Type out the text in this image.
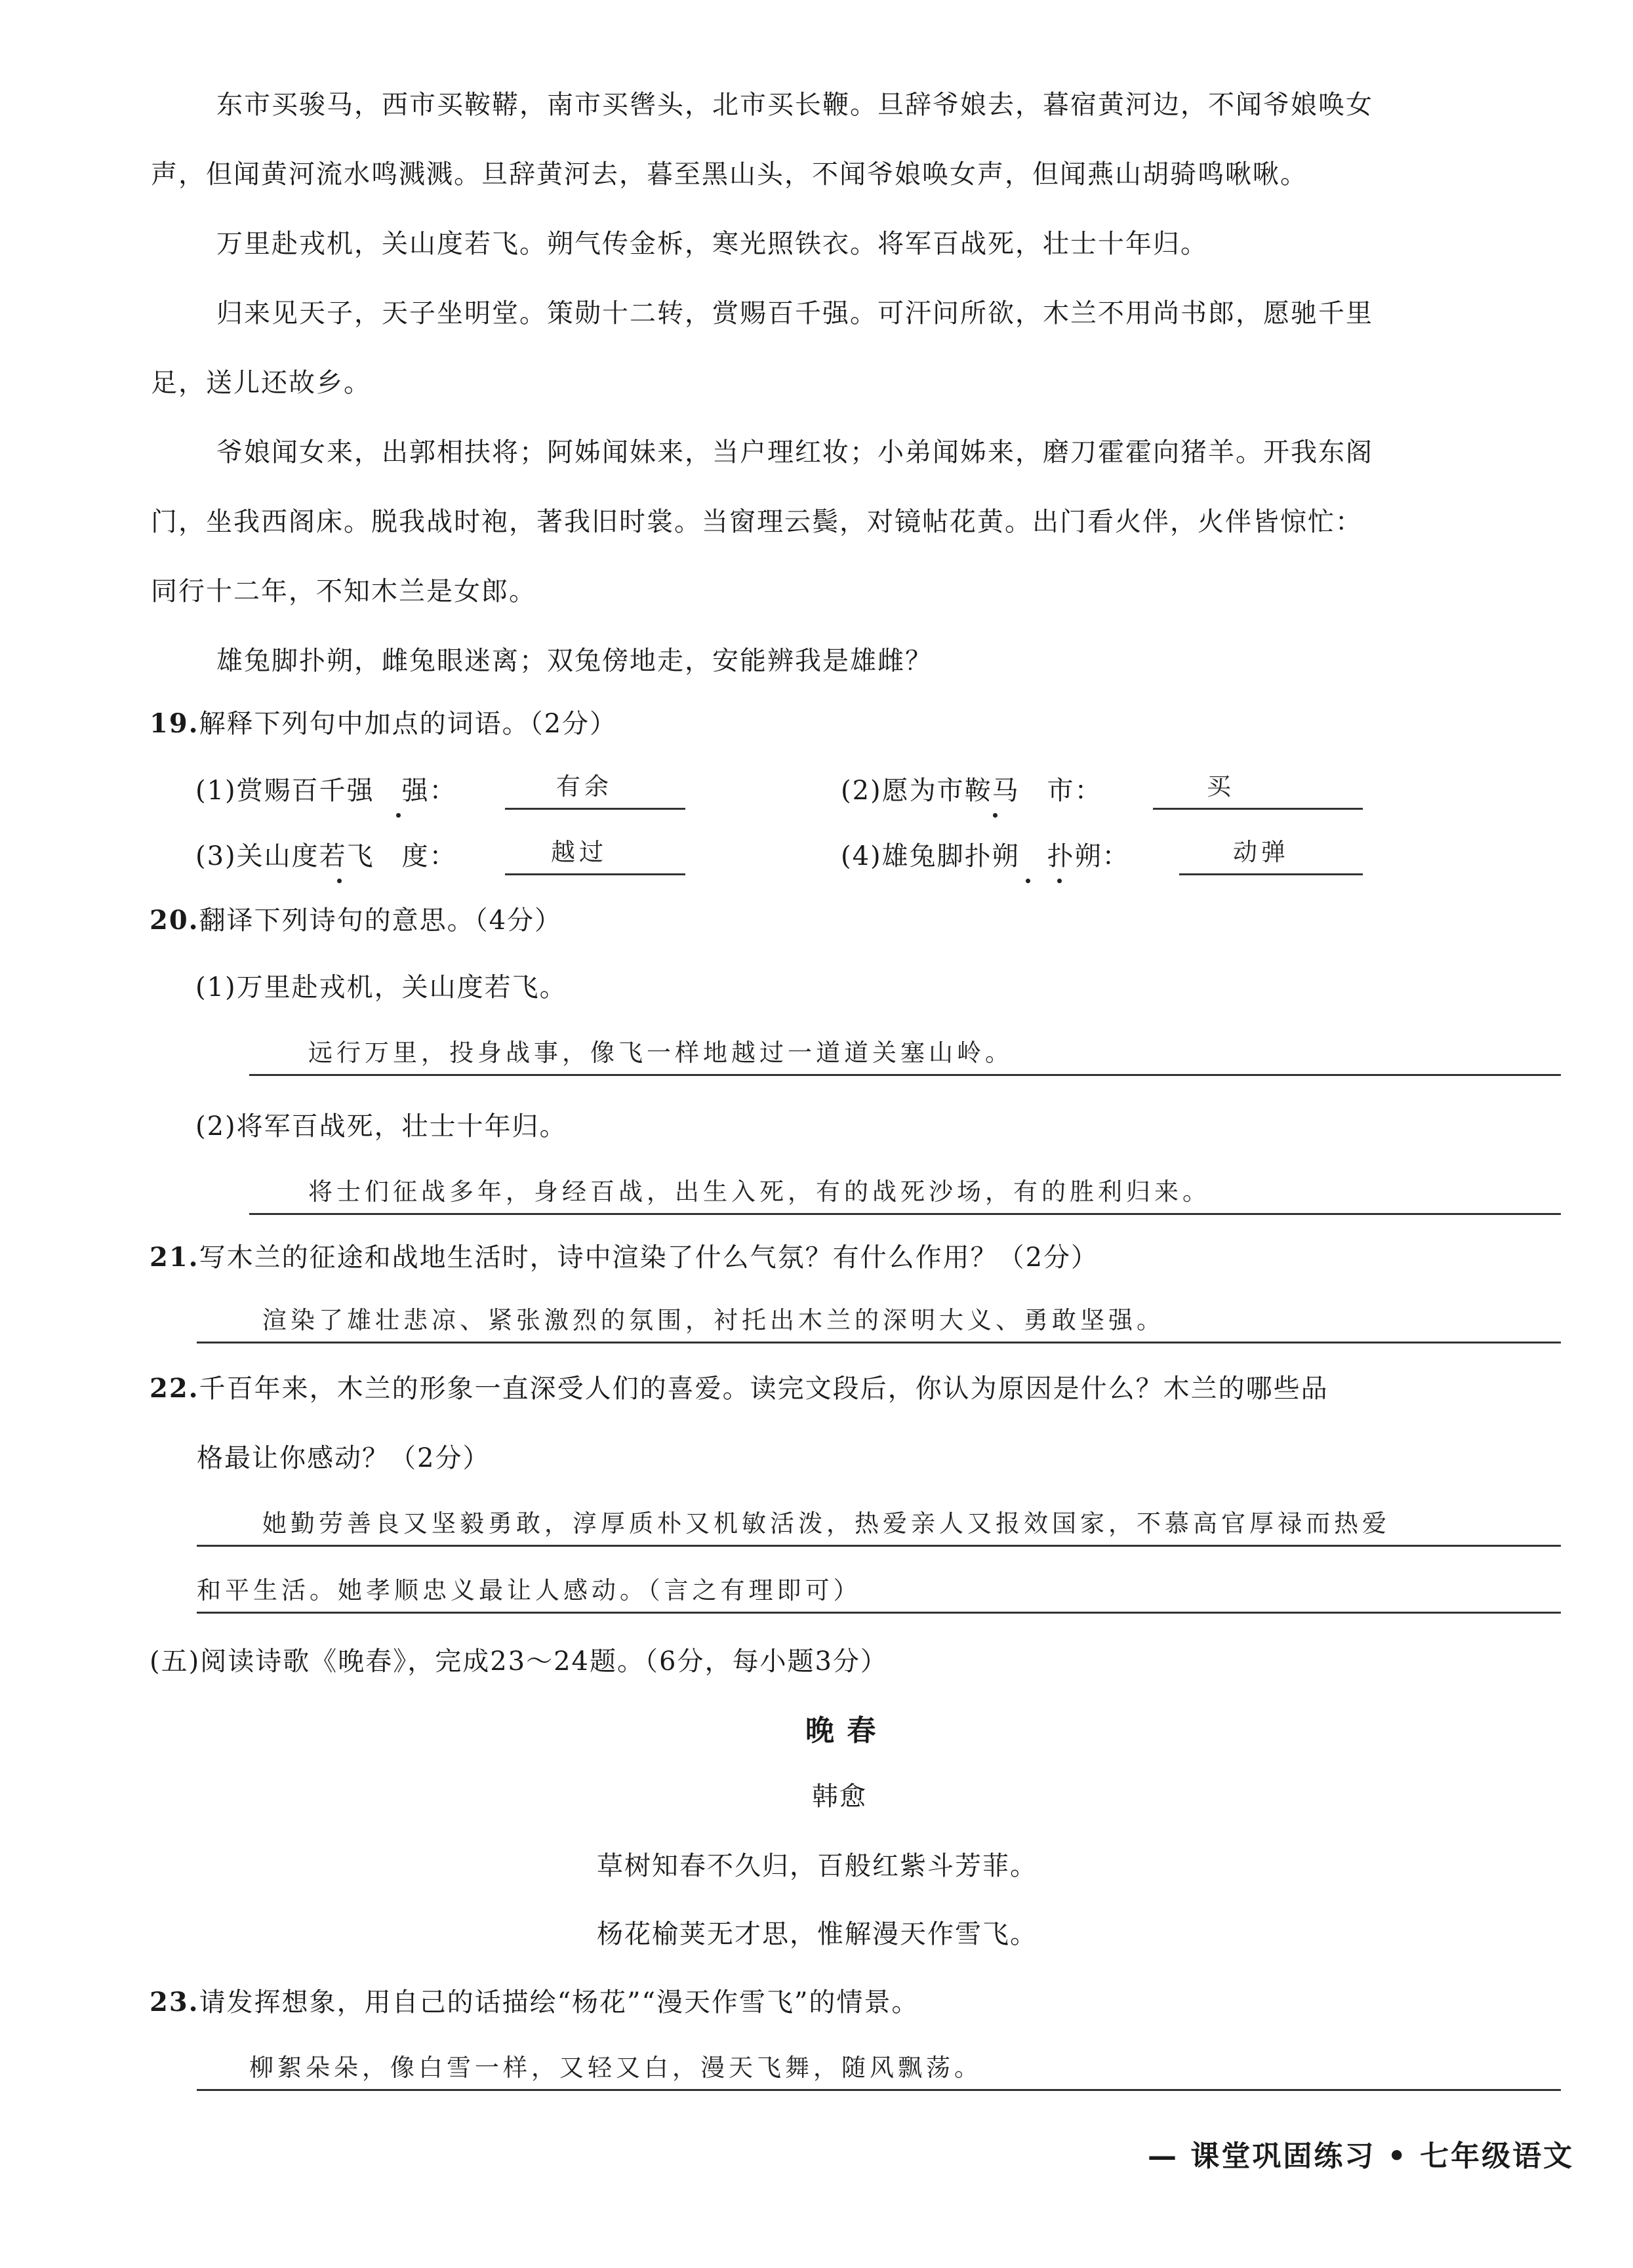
东市买骏马，西市买鞍鞯，南市买辔头，北市买长鞭。旦辞爷娘去，暮宿黄河边，不闻爷娘唤女
声，但闻黄河流水鸣溅溅。旦辞黄河去，暮至黑山头，不闻爷娘唤女声，但闻燕山胡骑鸣啾啾。
万里赴戎机，关山度若飞。朔气传金柝，寒光照铁衣。将军百战死，壮士十年归。
归来见天子，天子坐明堂。策勋十二转，赏赐百千强。可汗问所欲，木兰不用尚书郎，愿驰千里
足，送儿还故乡。
爷娘闻女来，出郭相扶将；阿姊闻妹来，当户理红妆；小弟闻姊来，磨刀霍霍向猪羊。开我东阁
门，坐我西阁床。脱我战时袍，著我旧时裳。当窗理云鬓，对镜帖花黄。出门看火伴，火伴皆惊忙：
同行十二年，不知木兰是女郎。
雄兔脚扑朔，雌兔眼迷离；双兔傍地走，安能辨我是雄雌？
19.解释下列句中加点的词语。（2分）
(1)赏赐百千强　强：	有余	(2)愿为市鞍马　市：	买
(3)关山度若飞　度：	越过	(4)雄兔脚扑朔　扑朔：	动弹
20.翻译下列诗句的意思。（4分）
(1)万里赴戎机，关山度若飞。
远行万里，投身战事，像飞一样地越过一道道关塞山岭。
(2)将军百战死，壮士十年归。
将士们征战多年，身经百战，出生入死，有的战死沙场，有的胜利归来。
21.写木兰的征途和战地生活时，诗中渲染了什么气氛？有什么作用？（2分）
渲染了雄壮悲凉、紧张激烈的氛围，衬托出木兰的深明大义、勇敢坚强。
22.千百年来，木兰的形象一直深受人们的喜爱。读完文段后，你认为原因是什么？木兰的哪些品
格最让你感动？（2分）
她勤劳善良又坚毅勇敢，淳厚质朴又机敏活泼，热爱亲人又报效国家，不慕高官厚禄而热爱
和平生活。她孝顺忠义最让人感动。（言之有理即可）
(五)阅读诗歌《晚春》，完成23～24题。（6分，每小题3分）
晚 春
韩愈
草树知春不久归，百般红紫斗芳菲。
杨花榆荚无才思，惟解漫天作雪飞。
23.请发挥想象，用自己的话描绘“杨花”“漫天作雪飞”的情景。
柳絮朵朵，像白雪一样，又轻又白，漫天飞舞，随风飘荡。
— 课堂巩固练习 • 七年级语文
